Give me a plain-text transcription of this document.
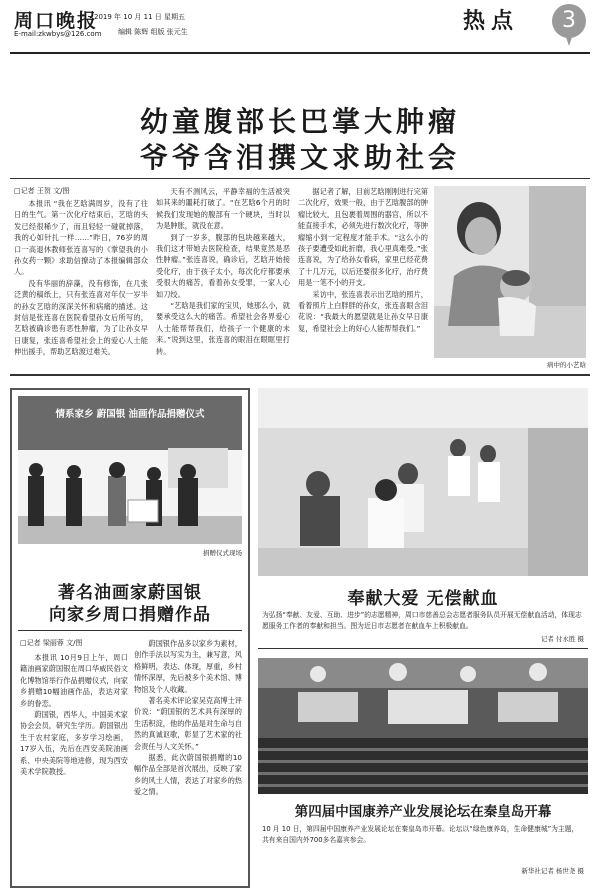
周口晚报
E-mail:zkwbys@126.com
2019 年 10 月 11 日 星期五
编辑 陈辉 组版 张元生	热点	3
幼童腹部长巴掌大肿瘤
爷爷含泪撰文求助社会
□记者 王贺 文/图

本报讯 “我在艺晗满周岁，没有了往日的生气。第一次化疗结束后，艺晗的头发已经很稀少了，而且轻轻一碰就掉落，我的心如针扎一样……”昨日，76岁的周口一高退休教师张连喜写的《掌望我的小孙女药一颗》求助信撩动了本报编辑部众人。

没有华丽的辞藻，没有修饰，在几张泛黄的稿纸上，只有张连喜对年仅一岁半的孙女艺晗的深深关怀和病痛的描述。这封信是张连喜在医院看望孙女后所写的，艺晗被确诊患有恶性肿瘤，为了让孙女早日康复，张连喜希望社会上的爱心人士能伸出援手，帮助艺晗渡过难关。

天有不测风云，平静幸福的生活被突如其来的噩耗打破了。“在艺晗6个月的时候我们发现她的腹部有一个硬块，当时以为是肿胀，就没在意。

到了一岁多，腹部的包块越来越大，我们这才带她去医院检查，结果竟然是恶性肿瘤。”张连喜说，确诊后，艺晗开始接受化疗，由于孩子太小，每次化疗都要承受很大的痛苦，看着孙女受罪，一家人心如刀绞。

“艺晗是我们家的宝贝，她那么小，就要承受这么大的痛苦。希望社会各界爱心人士能帮帮我们，给孩子一个健康的未来。”说到这里，张连喜的眼泪在眼眶里打转。

据记者了解，目前艺晗刚刚进行完第二次化疗，效果一般，由于艺晗腹部的肿瘤比较大，且包裹着周围的器官，所以不能直接手术，必须先进行数次化疗，等肿瘤缩小到一定程度才能手术。“这么小的孩子要遭受如此折磨，我心里真难受。”张连喜说，为了给孙女看病，家里已经花费了十几万元，以后还要很多化疗，治疗费用是一笔不小的开支。

采访中，张连喜表示出艺晗的照片，看着照片上白胖胖的孙女，张连喜眼含泪花说：“我最大的愿望就是让孙女早日康复，希望社会上的好心人能帮帮我们。”

病中的小艺晗
情系家乡 蔚国银 油画作品捐赠仪式
捐赠仪式现场
著名油画家蔚国银
向家乡周口捐赠作品
□记者 梁丽蓉 文/图

本报讯 10月9日上午，周口籍油画家蔚国银在周口华威民俗文化博物馆举行作品捐赠仪式，向家乡捐赠10幅油画作品，表达对家乡的眷恋。

蔚国银，西华人，中国美术家协会会员，研究生学历。蔚国银出生于农村家庭，多岁学习绘画，17岁入伍，先后在西安美院油画系、中央美院等地进修，现为西安美术学院教授。

蔚国银作品多以家乡为素材，创作手法以写实为主，兼写意，风格鲜明，表达、体现，厚重，乡村情怀深厚，先后被多个美术馆、博物馆及个人收藏。

著名美术评论家吴克高博士评价说：“蔚国银的艺术具有深厚的生活积淀，他的作品是对生命与自然的真诚讴歌，彰显了艺术家的社会责任与人文关怀。”

据悉，此次蔚国银捐赠的10幅作品全部是首次展出，反映了家乡的风土人情，表达了对家乡的热爱之情。

奉献大爱 无偿献血
为弘扬“奉献、友爱、互助、进步”的志愿精神，周口市慈善总会志愿者服务队员开展无偿献血活动，体现志愿服务工作者的奉献和担当。图为近日市志愿者在献血车上积极献血。
记者 付永胜 摄
第四届中国康养产业发展论坛在秦皇岛开幕
10 月 10 日，第四届中国康养产业发展论坛在秦皇岛市开幕。论坛以“绿色康养岛，生命健康城”为主题，共有来自国内外700多名嘉宾参会。
新华社记者 杨世尧 摄
